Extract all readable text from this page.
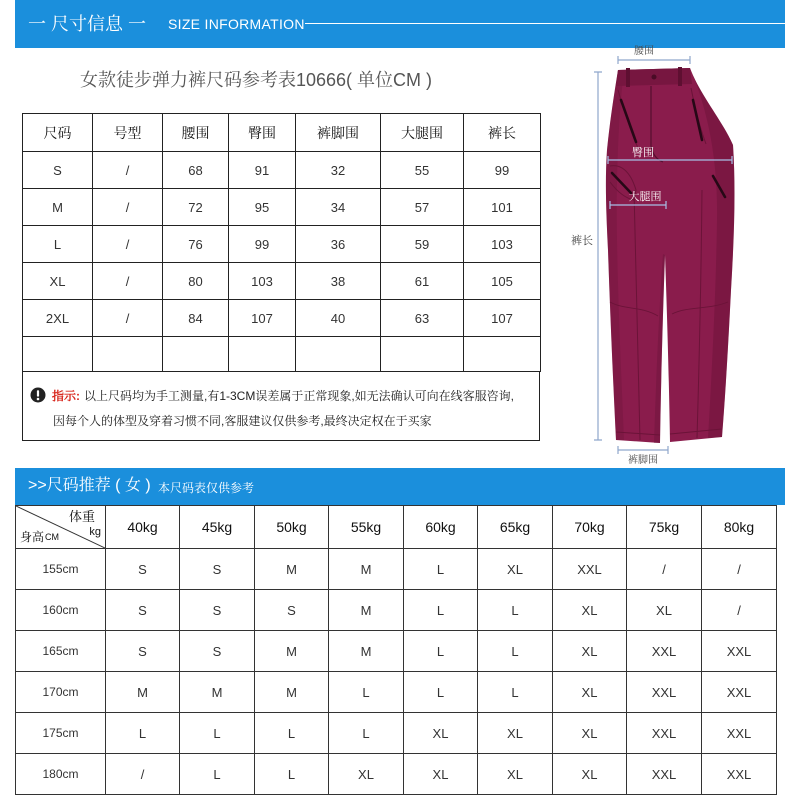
一 尺寸信息 一 SIZE INFORMATION
女款徒步弹力裤尺码参考表10666( 单位CM )
尺码	号型	腰围	臀围	裤脚围	大腿围	裤长
S	/	68	91	32	55	99
M	/	72	95	34	57	101
L	/	76	99	36	59	103
XL	/	80	103	38	61	105
2XL	/	84	107	40	63	107

指示: 以上尺码均为手工测量,有1-3CM误差属于正常现象,如无法确认可向在线客服咨询,
因每个人的体型及穿着习惯不同,客服建议仅供参考,最终决定权在于买家
腰围
臀围
大腿围
裤长
裤脚围
>>尺码推荐 ( 女 ) 本尺码表仅供参考
体重
kg
身高 CM	40kg	45kg	50kg	55kg	60kg	65kg	70kg	75kg	80kg
155cm	S	S	M	M	L	XL	XXL	/	/
160cm	S	S	S	M	L	L	XL	XL	/
165cm	S	S	M	M	L	L	XL	XXL	XXL
170cm	M	M	M	L	L	L	XL	XXL	XXL
175cm	L	L	L	L	XL	XL	XL	XXL	XXL
180cm	/	L	L	XL	XL	XL	XL	XXL	XXL
